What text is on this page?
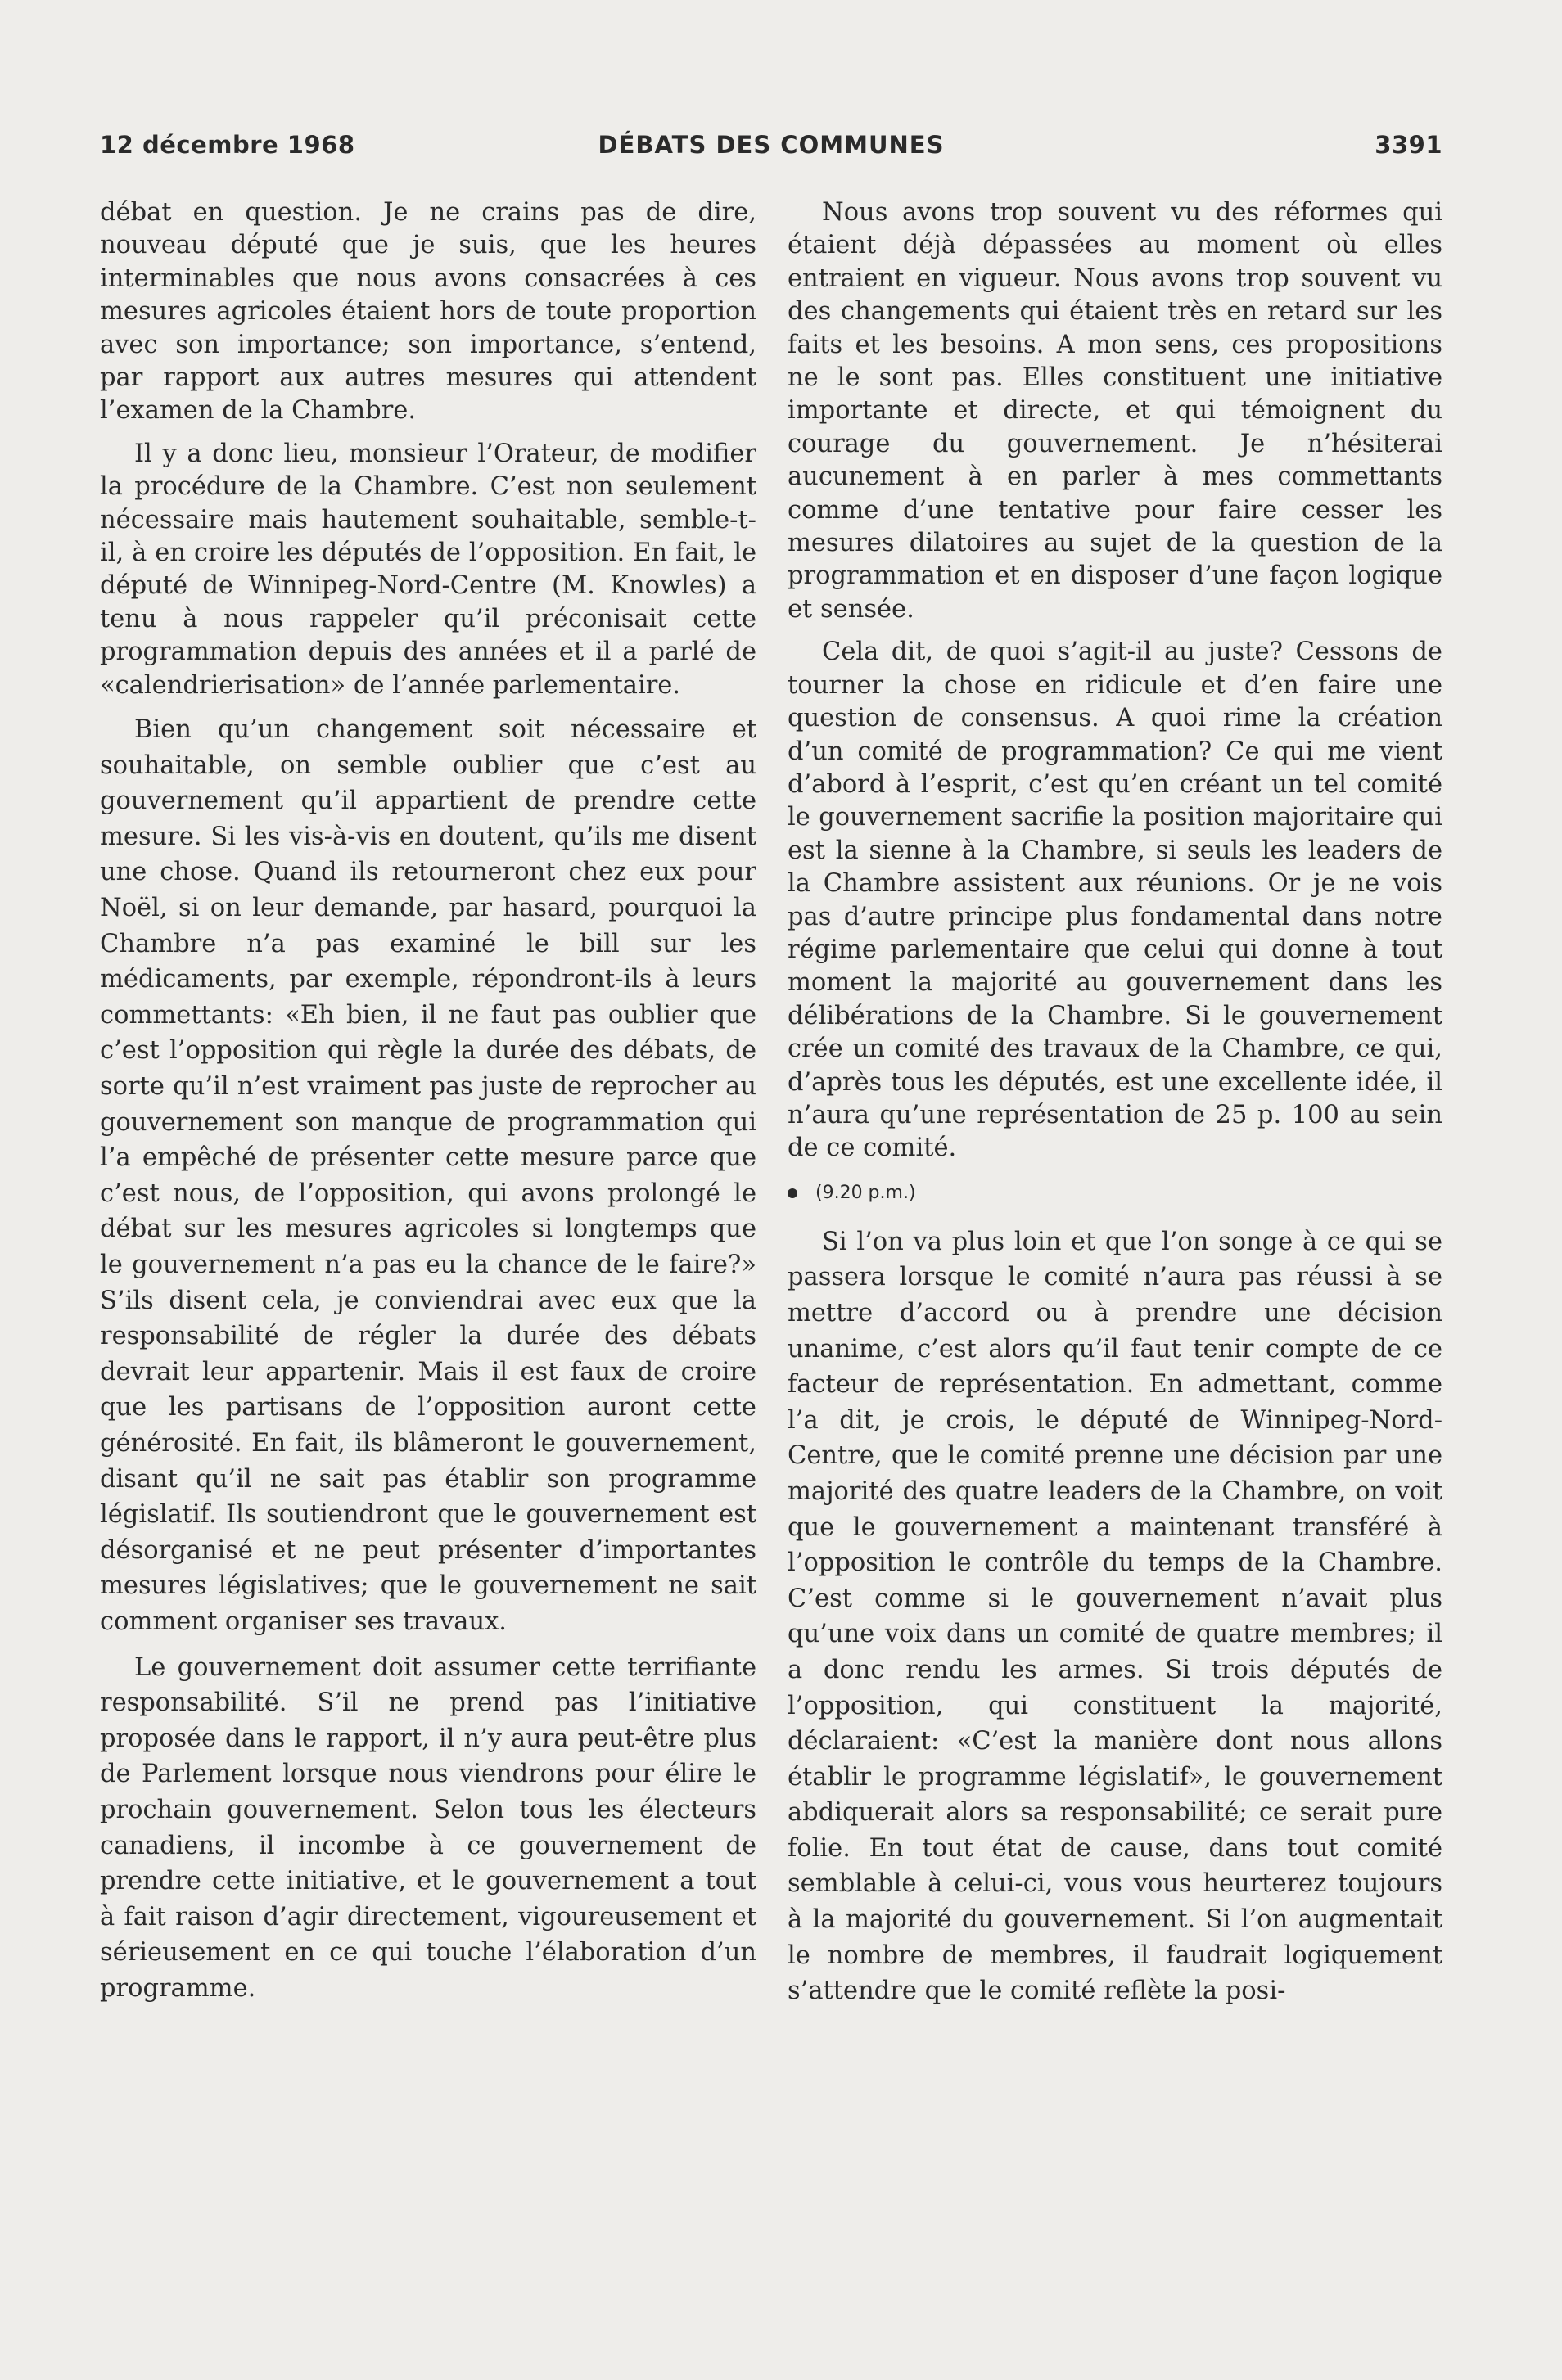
12 décembre 1968	DÉBATS DES COMMUNES	3391

débat en question. Je ne crains pas de dire, nouveau député que je suis, que les heures interminables que nous avons consacrées à ces mesures agricoles étaient hors de toute proportion avec son importance; son importance, s’entend, par rapport aux autres mesures qui attendent l’examen de la Chambre.

Il y a donc lieu, monsieur l’Orateur, de modifier la procédure de la Chambre. C’est non seulement nécessaire mais hautement souhaitable, semble-t-il, à en croire les députés de l’opposition. En fait, le député de Winnipeg-Nord-Centre (M. Knowles) a tenu à nous rappeler qu’il préconisait cette programmation depuis des années et il a parlé de «calendrierisation» de l’année parlementaire.

Bien qu’un changement soit nécessaire et souhaitable, on semble oublier que c’est au gouvernement qu’il appartient de prendre cette mesure. Si les vis-à-vis en doutent, qu’ils me disent une chose. Quand ils retourneront chez eux pour Noël, si on leur demande, par hasard, pourquoi la Chambre n’a pas examiné le bill sur les médicaments, par exemple, répondront-ils à leurs commettants: «Eh bien, il ne faut pas oublier que c’est l’opposition qui règle la durée des débats, de sorte qu’il n’est vraiment pas juste de reprocher au gouvernement son manque de programmation qui l’a empêché de présenter cette mesure parce que c’est nous, de l’opposition, qui avons prolongé le débat sur les mesures agricoles si longtemps que le gouvernement n’a pas eu la chance de le faire?» S’ils disent cela, je conviendrai avec eux que la responsabilité de régler la durée des débats devrait leur appartenir. Mais il est faux de croire que les partisans de l’opposition auront cette générosité. En fait, ils blâmeront le gouvernement, disant qu’il ne sait pas établir son programme législatif. Ils soutiendront que le gouvernement est désorganisé et ne peut présenter d’importantes mesures législatives; que le gouvernement ne sait comment organiser ses travaux.

Le gouvernement doit assumer cette terrifiante responsabilité. S’il ne prend pas l’initiative proposée dans le rapport, il n’y aura peut-être plus de Parlement lorsque nous viendrons pour élire le prochain gouvernement. Selon tous les électeurs canadiens, il incombe à ce gouvernement de prendre cette initiative, et le gouvernement a tout à fait raison d’agir directement, vigoureusement et sérieusement en ce qui touche l’élaboration d’un programme.

Nous avons trop souvent vu des réformes qui étaient déjà dépassées au moment où elles entraient en vigueur. Nous avons trop souvent vu des changements qui étaient très en retard sur les faits et les besoins. A mon sens, ces propositions ne le sont pas. Elles constituent une initiative importante et directe, et qui témoignent du courage du gouvernement. Je n’hésiterai aucunement à en parler à mes commettants comme d’une tentative pour faire cesser les mesures dilatoires au sujet de la question de la programmation et en disposer d’une façon logique et sensée.

Cela dit, de quoi s’agit-il au juste? Cessons de tourner la chose en ridicule et d’en faire une question de consensus. A quoi rime la création d’un comité de programmation? Ce qui me vient d’abord à l’esprit, c’est qu’en créant un tel comité le gouvernement sacrifie la position majoritaire qui est la sienne à la Chambre, si seuls les leaders de la Chambre assistent aux réunions. Or je ne vois pas d’autre principe plus fondamental dans notre régime parlementaire que celui qui donne à tout moment la majorité au gouvernement dans les délibérations de la Chambre. Si le gouvernement crée un comité des travaux de la Chambre, ce qui, d’après tous les députés, est une excellente idée, il n’aura qu’une représentation de 25 p. 100 au sein de ce comité.

(9.20 p.m.)

Si l’on va plus loin et que l’on songe à ce qui se passera lorsque le comité n’aura pas réussi à se mettre d’accord ou à prendre une décision unanime, c’est alors qu’il faut tenir compte de ce facteur de représentation. En admettant, comme l’a dit, je crois, le député de Winnipeg-Nord-Centre, que le comité prenne une décision par une majorité des quatre leaders de la Chambre, on voit que le gouvernement a maintenant transféré à l’opposition le contrôle du temps de la Chambre. C’est comme si le gouvernement n’avait plus qu’une voix dans un comité de quatre membres; il a donc rendu les armes. Si trois députés de l’opposition, qui constituent la majorité, déclaraient: «C’est la manière dont nous allons établir le programme législatif», le gouvernement abdiquerait alors sa responsabilité; ce serait pure folie. En tout état de cause, dans tout comité semblable à celui-ci, vous vous heurterez toujours à la majorité du gouvernement. Si l’on augmentait le nombre de membres, il faudrait logiquement s’attendre que le comité reflète la posi-
